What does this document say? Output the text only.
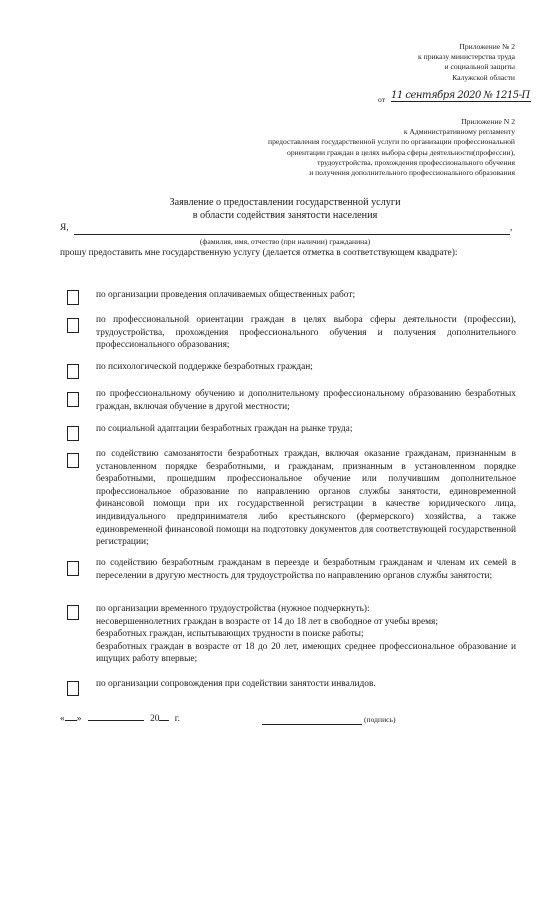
Приложение № 2
к приказу министерства труда
и социальной защиты
Калужской области
от 11 сентября 2020 № 1215-П
Приложение N 2
к Административному регламенту
предоставления государственной услуги по организации профессиональной
ориентации граждан в целях выбора сферы деятельности(профессии),
трудоустройства, прохождения профессионального обучения
и получения дополнительного профессионального образования
Заявление о предоставлении государственной услуги
в области содействия занятости населения
Я,	,
(фамилия, имя, отчество (при наличии) гражданина)
прошу предоставить мне государственную услугу (делается отметка в соответствующем квадрате):
по организации проведения оплачиваемых общественных работ;
по профессиональной ориентации граждан в целях выбора сферы деятельности (профессии), трудоустройства, прохождения профессионального обучения и получения дополнительного профессионального образования;
по психологической поддержке безработных граждан;
по профессиональному обучению и дополнительному профессиональному образованию безработных граждан, включая обучение в другой местности;
по социальной адаптации безработных граждан на рынке труда;
по содействию самозанятости безработных граждан, включая оказание гражданам, признанным в установленном порядке безработными, и гражданам, признанным в установленном порядке безработными, прошедшим профессиональное обучение или получившим дополнительное профессиональное образование по направлению органов службы занятости, единовременной финансовой помощи при их государственной регистрации в качестве юридического лица, индивидуального предпринимателя либо крестьянского (фермерского) хозяйства, а также единовременной финансовой помощи на подготовку документов для соответствующей государственной регистрации;
по содействию безработным гражданам в переезде и безработным гражданам и членам их семей в переселении в другую местность для трудоустройства по направлению органов службы занятости;
по организации временного трудоустройства (нужное подчеркнуть):
несовершеннолетних граждан в возрасте от 14 до 18 лет в свободное от учебы время;
безработных граждан, испытывающих трудности в поиске работы;
безработных граждан в возрасте от 18 до 20 лет, имеющих среднее профессиональное образование и ищущих работу впервые;
по организации сопровождения при содействии занятости инвалидов.
« »	20 г.	(подпись)
